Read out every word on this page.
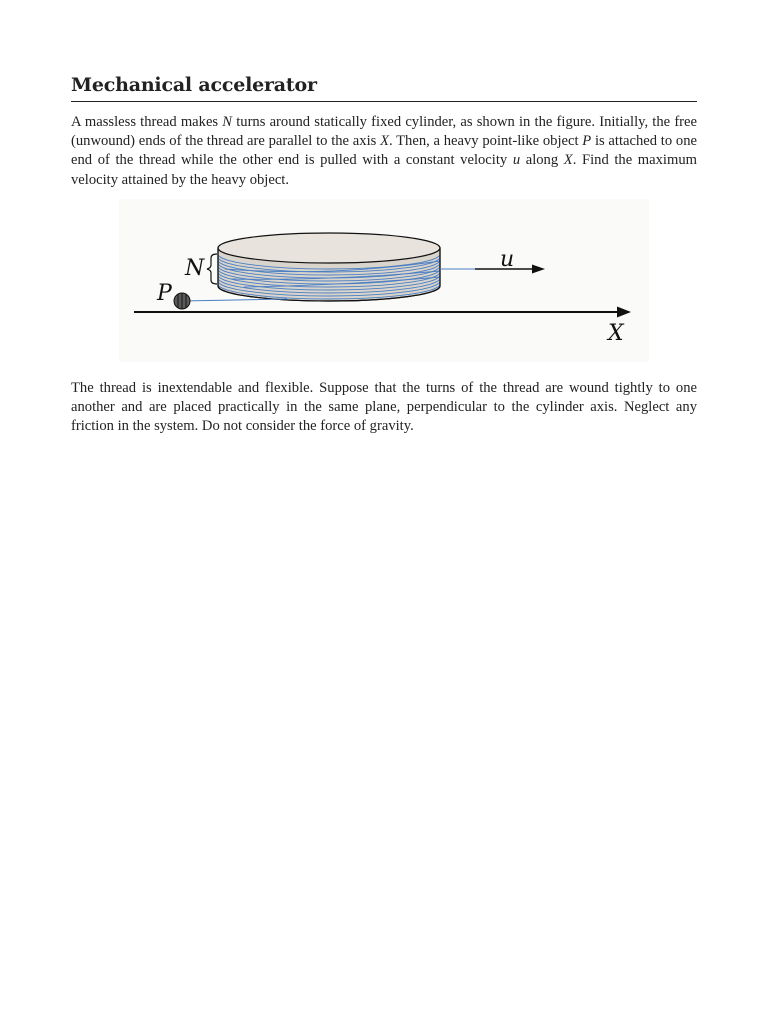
Mechanical accelerator

A massless thread makes N turns around statically fixed cylinder, as shown in the figure. Initially, the free (unwound) ends of the thread are parallel to the axis X. Then, a heavy point-like object P is attached to one end of the thread while the other end is pulled with a constant velocity u along X. Find the maximum velocity attained by the heavy object.

u
N
P
X

The thread is inextendable and flexible. Suppose that the turns of the thread are wound tightly to one another and are placed practically in the same plane, perpendicular to the cylinder axis. Neglect any friction in the system. Do not consider the force of gravity.
